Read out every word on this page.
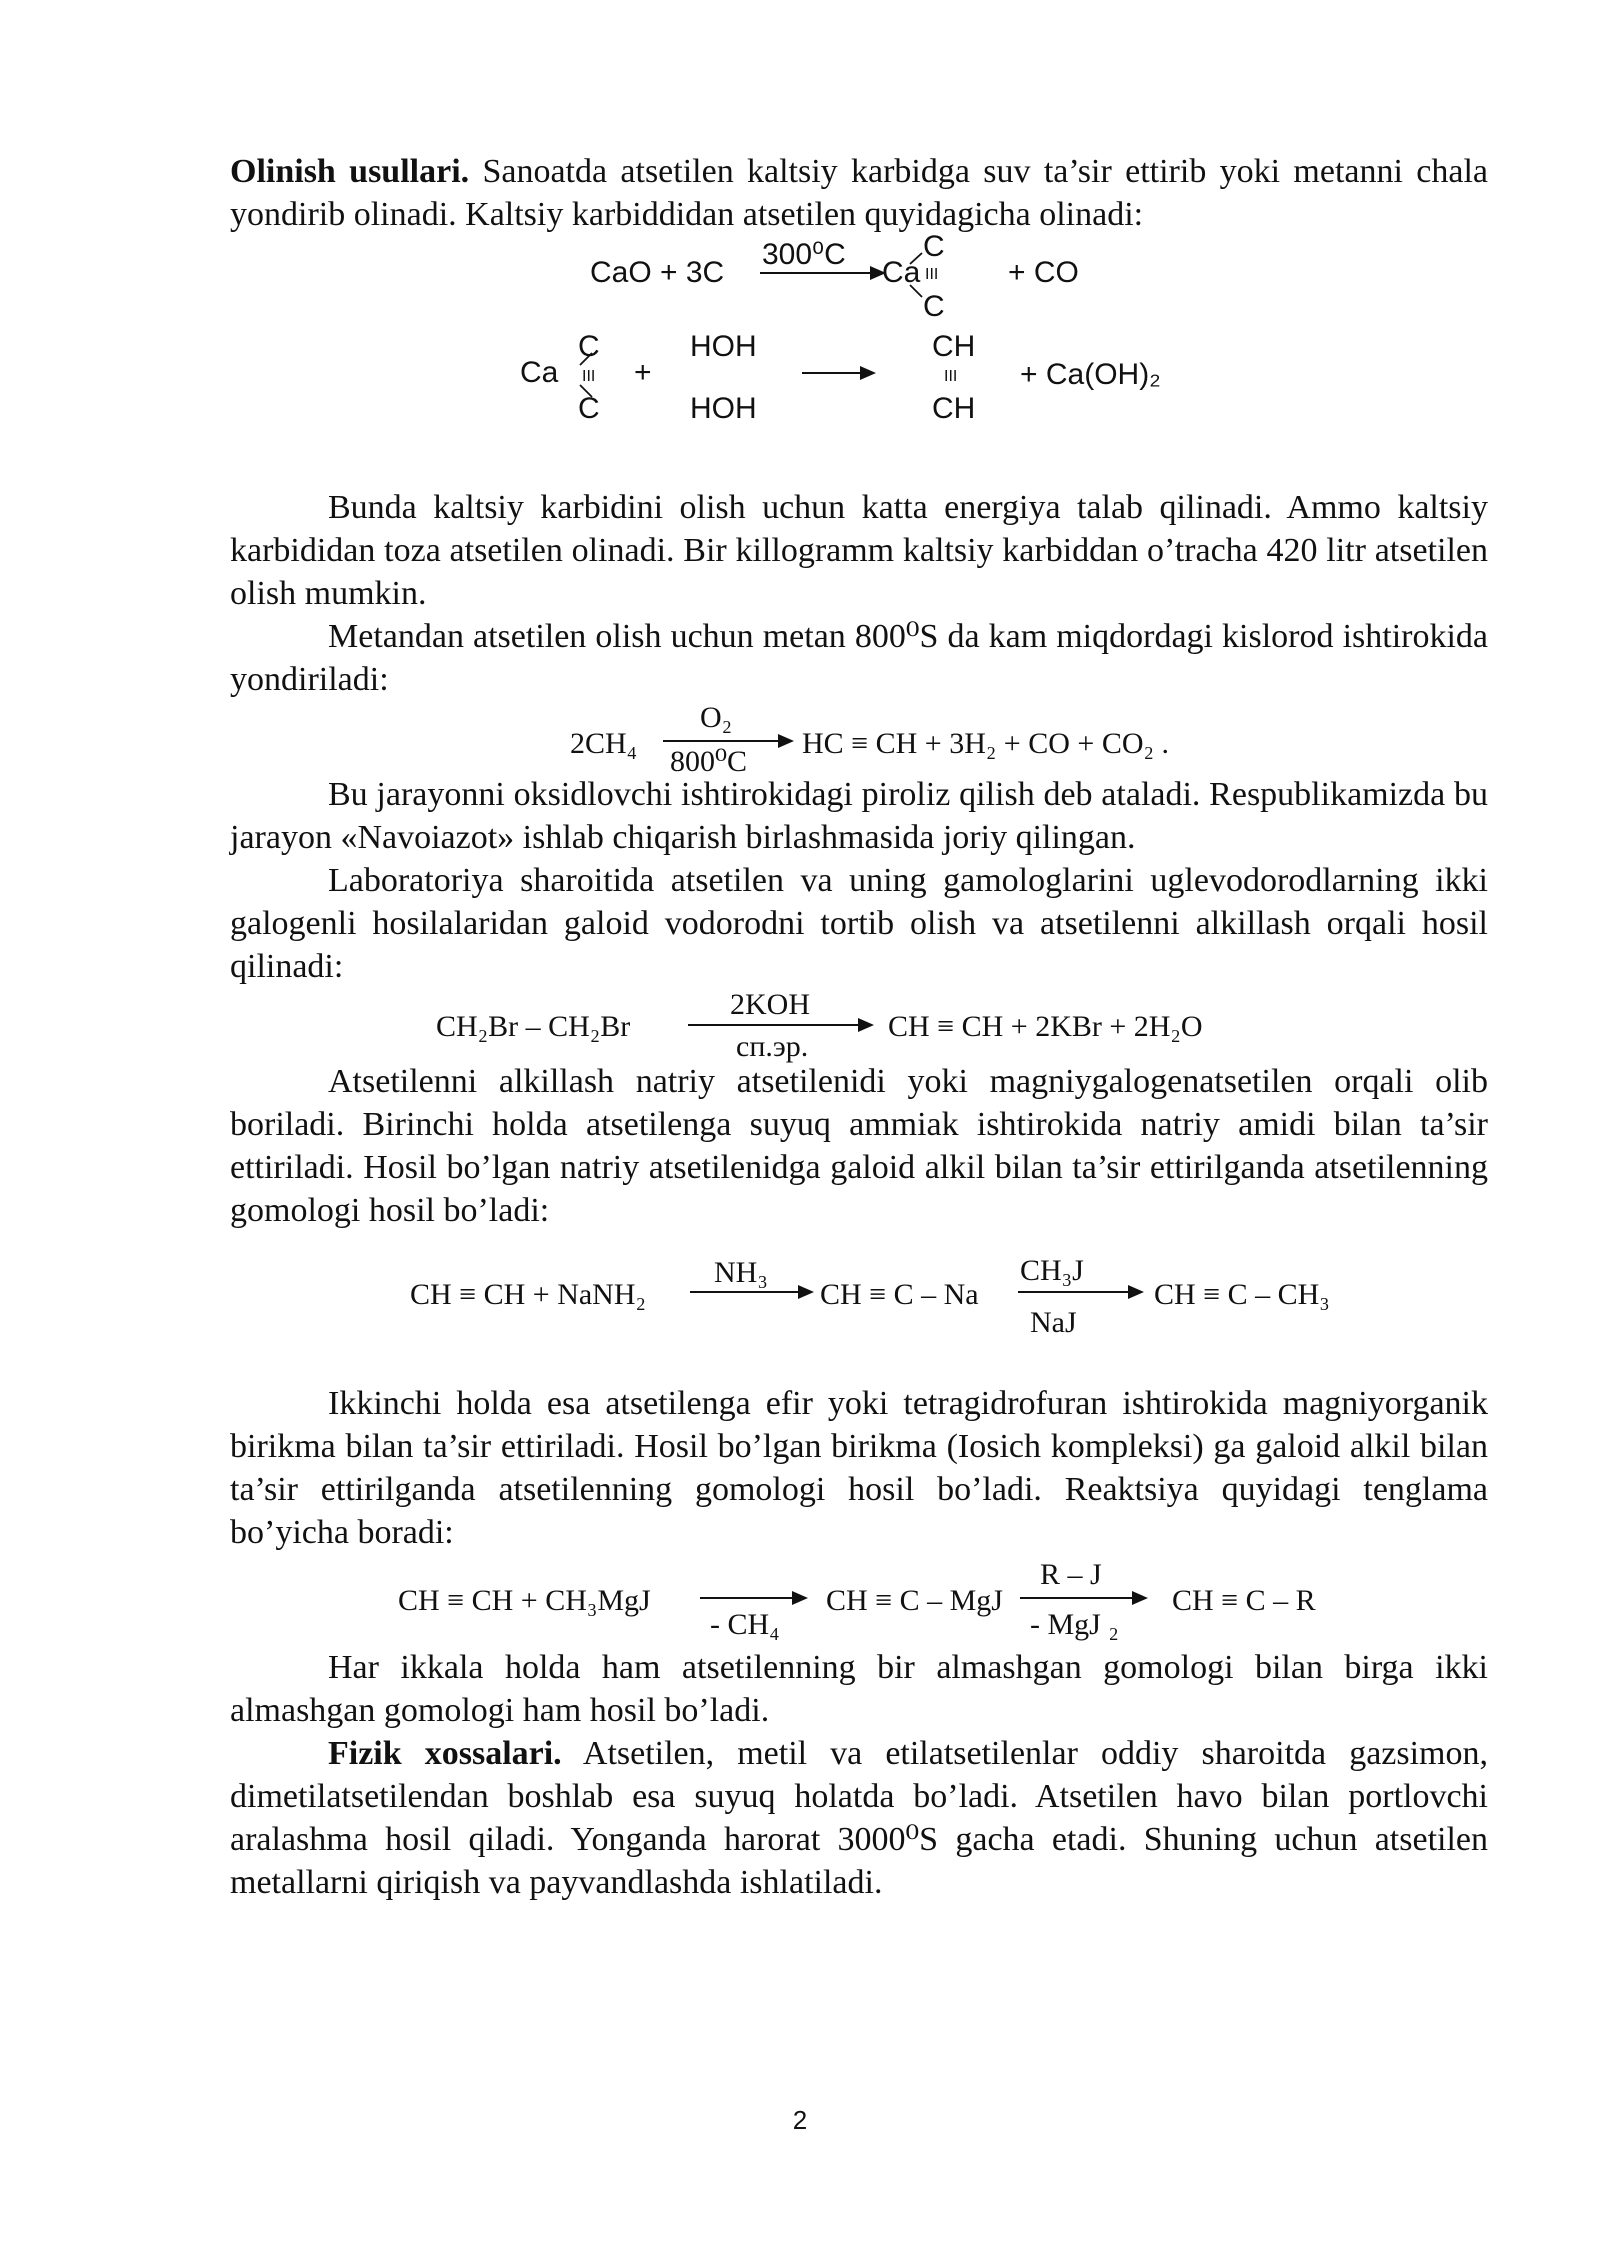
Olinish usullari. Sanoatda atsetilen kaltsiy karbidga suv ta’sir ettirib yoki metanni chala yondirib olinadi. Kaltsiy karbiddidan atsetilen quyidagicha olinadi:

CaO + 3C
300⁰C
Ca
C
III
C
+ CO
Ca
C
III
C
+
HOH
HOH
CH
III
CH
+ Ca(OH)₂

Bunda kaltsiy karbidini olish uchun katta energiya talab qilinadi. Ammo kaltsiy karbididan toza atsetilen olinadi. Bir killogramm kaltsiy karbiddan o’tracha 420 litr atsetilen olish mumkin.

Metandan atsetilen olish uchun metan 800⁰S da kam miqdordagi kislorod ishtirokida yondiriladi:

2CH₄
O₂
800⁰C
HC ≡ CH + 3H₂ + CO + CO₂ .

Bu jarayonni oksidlovchi ishtirokidagi piroliz qilish deb ataladi. Respublikamizda bu jarayon «Navoiazot» ishlab chiqarish birlashmasida joriy qilingan.

Laboratoriya sharoitida atsetilen va uning gamologlarini uglevodorodlarning ikki galogenli hosilalaridan galoid vodorodni tortib olish va atsetilenni alkillash orqali hosil qilinadi:

CH₂Br – CH₂Br
2KOH
сп.эр.
CH ≡ CH + 2KBr + 2H₂O

Atsetilenni alkillash natriy atsetilenidi yoki magniygalogenatsetilen orqali olib boriladi. Birinchi holda atsetilenga suyuq ammiak ishtirokida natriy amidi bilan ta’sir ettiriladi. Hosil bo’lgan natriy atsetilenidga galoid alkil bilan ta’sir ettirilganda atsetilenning gomologi hosil bo’ladi:

CH ≡ CH + NaNH₂
NH₃
CH ≡ C – Na
CH₃J
NaJ
CH ≡ C – CH₃

Ikkinchi holda esa atsetilenga efir yoki tetragidrofuran ishtirokida magniyorganik birikma bilan ta’sir ettiriladi. Hosil bo’lgan birikma (Iosich kompleksi) ga galoid alkil bilan ta’sir ettirilganda atsetilenning gomologi hosil bo’ladi. Reaktsiya quyidagi tenglama bo’yicha boradi:

CH ≡ CH + CH₃MgJ
- CH₄
CH ≡ C – MgJ
R – J
- MgJ ₂
CH ≡ C – R

Har ikkala holda ham atsetilenning bir almashgan gomologi bilan birga ikki almashgan gomologi ham hosil bo’ladi.

Fizik xossalari. Atsetilen, metil va etilatsetilenlar oddiy sharoitda gazsimon, dimetilatsetilendan boshlab esa suyuq holatda bo’ladi. Atsetilen havo bilan portlovchi aralashma hosil qiladi. Yonganda harorat 3000⁰S gacha etadi. Shuning uchun atsetilen metallarni qiriqish va payvandlashda ishlatiladi.

2
